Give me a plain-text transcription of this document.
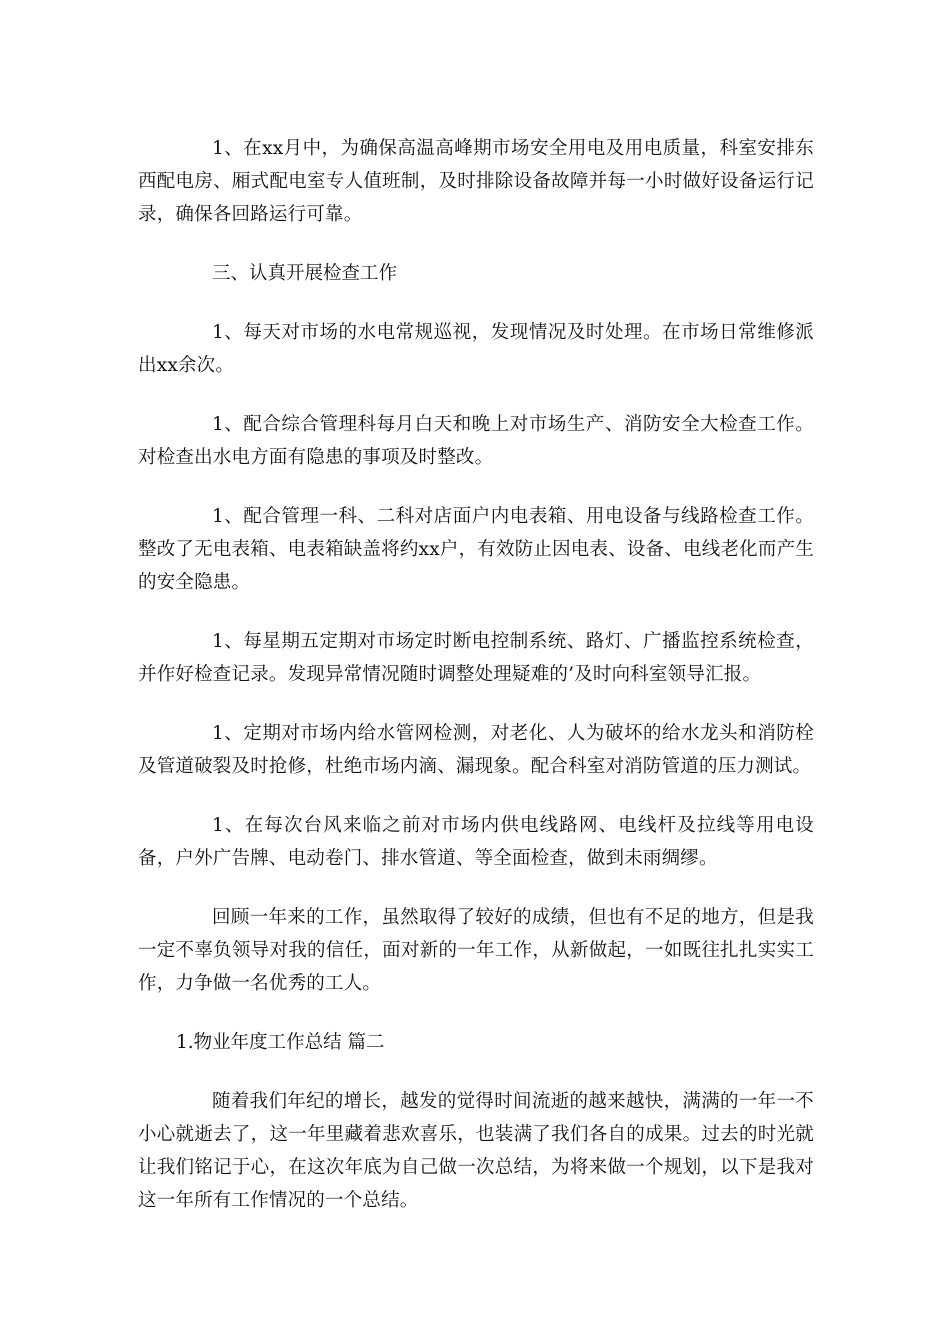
1、在xx月中，为确保高温高峰期市场安全用电及用电质量，科室安排东西配电房、厢式配电室专人值班制，及时排除设备故障并每一小时做好设备运行记录，确保各回路运行可靠。

三、认真开展检查工作

1、每天对市场的水电常规巡视，发现情况及时处理。在市场日常维修派出xx余次。

1、配合综合管理科每月白天和晚上对市场生产、消防安全大检查工作。对检查出水电方面有隐患的事项及时整改。

1、配合管理一科、二科对店面户内电表箱、用电设备与线路检查工作。整改了无电表箱、电表箱缺盖将约xx户，有效防止因电表、设备、电线老化而产生的安全隐患。

1、每星期五定期对市场定时断电控制系统、路灯、广播监控系统检查，并作好检查记录。发现异常情况随时调整处理疑难的’及时向科室领导汇报。

1、定期对市场内给水管网检测，对老化、人为破坏的给水龙头和消防栓及管道破裂及时抢修，杜绝市场内滴、漏现象。配合科室对消防管道的压力测试。

1、在每次台风来临之前对市场内供电线路网、电线杆及拉线等用电设备，户外广告牌、电动卷门、排水管道、等全面检查，做到未雨绸缪。

回顾一年来的工作，虽然取得了较好的成绩，但也有不足的地方，但是我一定不辜负领导对我的信任，面对新的一年工作，从新做起，一如既往扎扎实实工作，力争做一名优秀的工人。

1.物业年度工作总结 篇二

随着我们年纪的增长，越发的觉得时间流逝的越来越快，满满的一年一不小心就逝去了，这一年里藏着悲欢喜乐，也装满了我们各自的成果。过去的时光就让我们铭记于心，在这次年底为自己做一次总结，为将来做一个规划，以下是我对这一年所有工作情况的一个总结。
